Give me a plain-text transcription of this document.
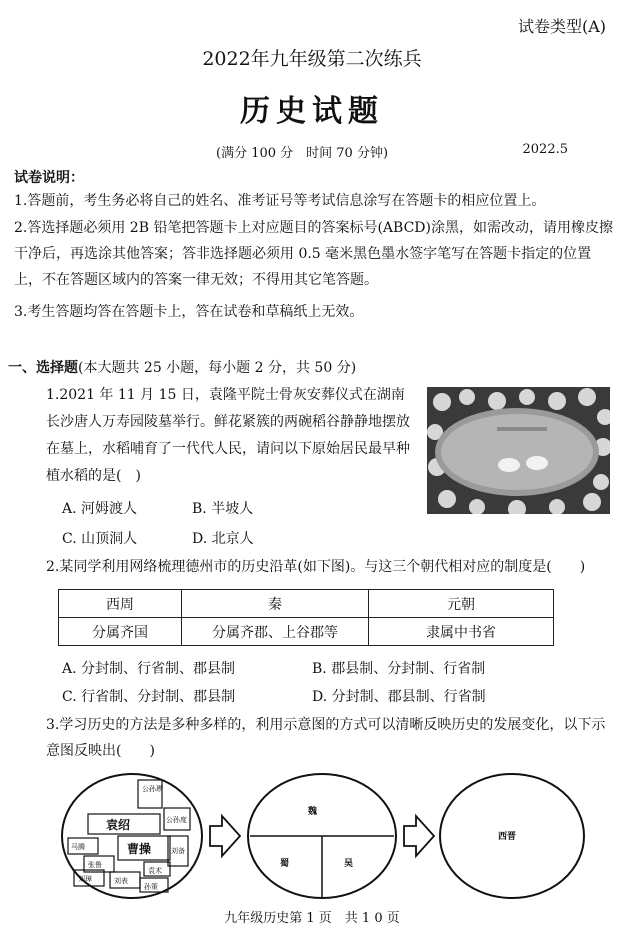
试卷类型(A)
2022年九年级第二次练兵
历史试题
(满分 100 分　时间 70 分钟)	2022.5
试卷说明：
1.答题前，考生务必将自己的姓名、准考证号等考试信息涂写在答题卡的相应位置上。
2.答选择题必须用 2B 铅笔把答题卡上对应题目的答案标号(ABCD)涂黑，如需改动，请用橡皮擦干净后，再选涂其他答案；答非选择题必须用 0.5 毫米黑色墨水签字笔写在答题卡指定的位置上，不在答题区域内的答案一律无效；不得用其它笔答题。
3.考生答题均答在答题卡上，答在试卷和草稿纸上无效。
一、选择题(本大题共 25 小题，每小题 2 分，共 50 分)
1.2021 年 11 月 15 日，袁隆平院士骨灰安葬仪式在湖南长沙唐人万寿园陵墓举行。鲜花紧簇的两碗稻谷静静地摆放在墓上，水稻哺育了一代代人民，请问以下原始居民最早种植水稻的是(　)
A. 河姆渡人	B. 半坡人
C. 山顶洞人	D. 北京人
2.某同学利用网络梳理德州市的历史沿革(如下图)。与这三个朝代相对应的制度是(　　)
西周	秦	元朝
分属齐国	分属齐郡、上谷郡等	隶属中书省
A. 分封制、行省制、郡县制	B. 郡县制、分封制、行省制
C. 行省制、分封制、郡县制	D. 分封制、郡县制、行省制
3.学习历史的方法是多种多样的，利用示意图的方式可以清晰反映历史的发展变化，以下示意图反映出(　　)
公孙瓒
公孙度
袁绍
马腾
张鲁
曹操	刘备
刘璋	刘表
孙策
袁术
魏
蜀	吴
西晋
九年级历史第 1 页　共 1 0 页
